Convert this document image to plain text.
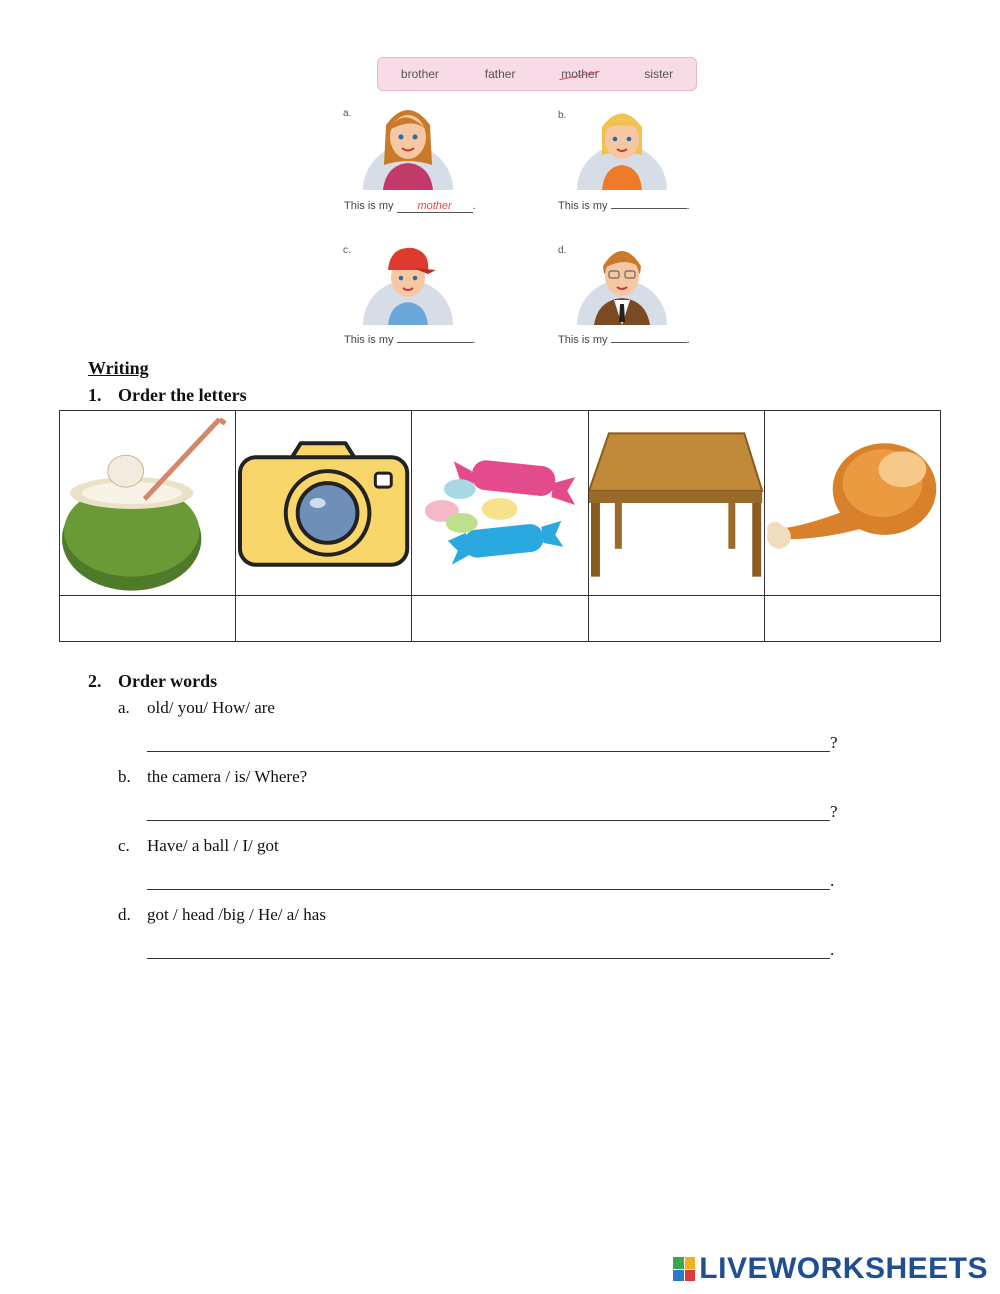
brother	father	mother	sister
a.
This is my mother .
b.
This is my	.
c.
This is my	.
d.
This is my	.
Writing
1. Order the letters

2. Order words
a. old/ you/ How/ are
?
b. the camera / is/ Where?
?
c. Have/ a ball / I/ got
.
d. got / head /big / He/ a/ has
.
LIVEWORKSHEETS
